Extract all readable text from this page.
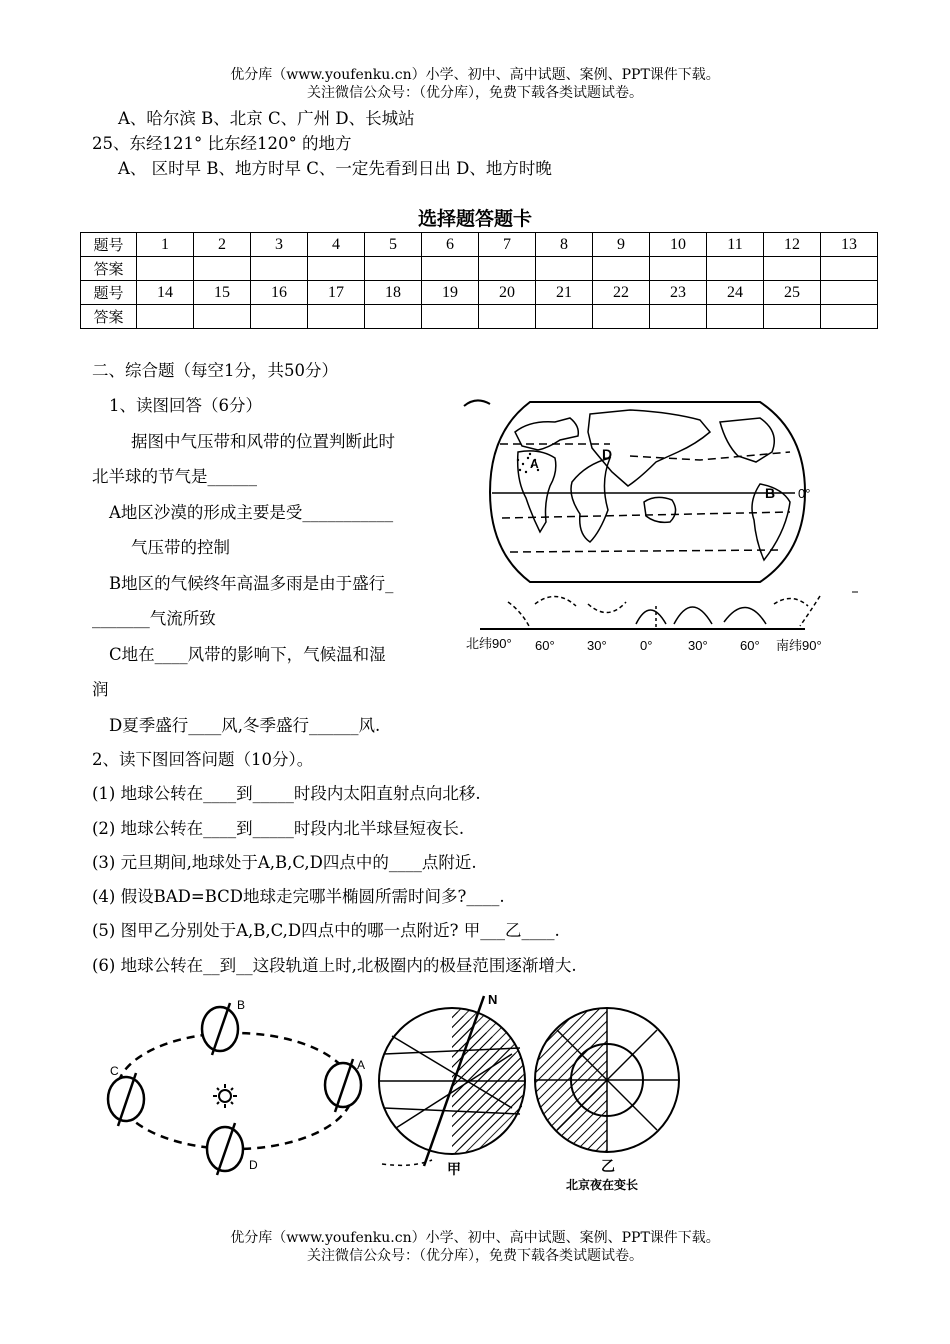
优分库（www.youfenku.cn）小学、初中、高中试题、案例、PPT课件下载。
关注微信公众号：（优分库），免费下载各类试题试卷。
A、哈尔滨 B、北京 C、广州 D、长城站
25、东经121° 比东经120° 的地方
A、 区时早 B、地方时早 C、一定先看到日出 D、地方时晚
选择题答题卡
题号	1	2	3	4	5	6	7	8	9	10	11	12	13
答案													
题号	14	15	16	17	18	19	20	21	22	23	24	25	
答案													
二、综合题（每空1分，共50分）
1、读图回答（6分）
据图中气压带和风带的位置判断此时
北半球的节气是______
A地区沙漠的形成主要是受___________
气压带的控制
B地区的气候终年高温多雨是由于盛行_
_______气流所致
C地在____风带的影响下，气候温和湿
润
D夏季盛行____风,冬季盛行______风.
2、读下图回答问题（10分）。
(1) 地球公转在____到_____时段内太阳直射点向北移.
(2) 地球公转在____到_____时段内北半球昼短夜长.
(3) 元旦期间,地球处于A,B,C,D四点中的____点附近.
(4) 假设BAD=BCD地球走完哪半椭圆所需时间多?____.
(5) 图甲乙分别处于A,B,C,D四点中的哪一点附近? 甲___乙____.
(6) 地球公转在__到__这段轨道上时,北极圈内的极昼范围逐渐增大.
D
A
B 0°
北纬90° 60° 30°	0°	30° 60° 南纬90°
A
B
C
D
N
甲	乙
北京夜在变长
优分库（www.youfenku.cn）小学、初中、高中试题、案例、PPT课件下载。
关注微信公众号：（优分库），免费下载各类试题试卷。
